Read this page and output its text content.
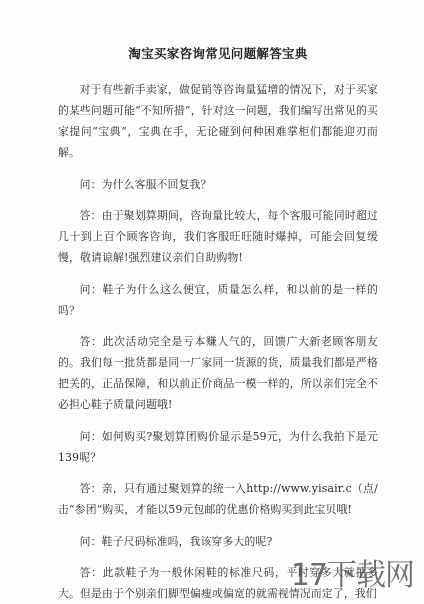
淘宝买家咨询常见问题解答宝典

对于有些新手卖家，做促销等咨询量猛增的情况下，对于买家的某些问题可能“不知所措”，针对这一问题，我们编写出常见的买家提问“宝典”，宝典在手，无论碰到何种困难掌柜们都能迎刃而解。

问：为什么客服不回复我？

答：由于聚划算期间，咨询量比较大，每个客服可能同时超过几十到上百个顾客咨询，我们客服旺旺随时爆掉，可能会回复缓慢，敬请谅解!强烈建议亲们自助购物!

问：鞋子为什么这么便宜，质量怎么样，和以前的是一样的吗？

答：此次活动完全是亏本赚人气的，回馈广大新老顾客朋友的。我们每一批货都是同一厂家同一货源的货，质量我们都是严格把关的，正品保障，和以前正价商品一模一样的，所以亲们完全不必担心鞋子质量问题哦!

问：如何购买?聚划算团购价显示是59元，为什么我拍下是元139呢？

答：亲，只有通过聚划算的统一入http://www.yisair.c（点/击“参团”购买，才能以59元包邮的优惠价格购买到此宝贝哦!

问：鞋子尺码标准吗，我该穿多大的呢?

答：此款鞋子为一般休闲鞋的标准尺码，平时穿多大就拍多大。但是由于个别亲们脚型偏瘦或偏宽的就需视情况而定了，我们

17下载网
